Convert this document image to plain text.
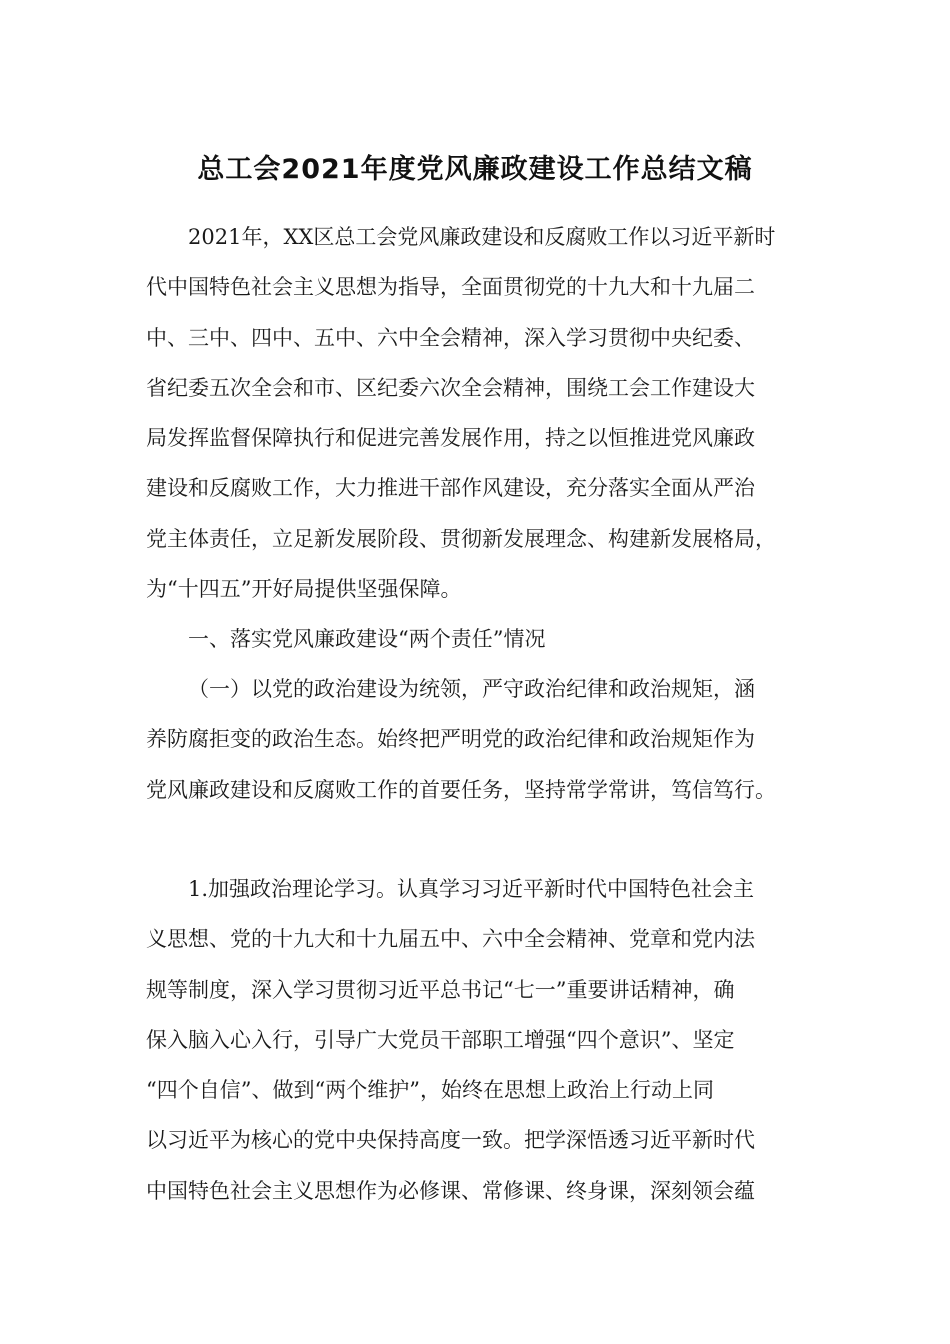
总工会2021年度党风廉政建设工作总结文稿
2021年，XX区总工会党风廉政建设和反腐败工作以习近平新时
代中国特色社会主义思想为指导，全面贯彻党的十九大和十九届二
中、三中、四中、五中、六中全会精神，深入学习贯彻中央纪委、
省纪委五次全会和市、区纪委六次全会精神，围绕工会工作建设大
局发挥监督保障执行和促进完善发展作用，持之以恒推进党风廉政
建设和反腐败工作，大力推进干部作风建设，充分落实全面从严治
党主体责任，立足新发展阶段、贯彻新发展理念、构建新发展格局，
为“十四五”开好局提供坚强保障。
一、落实党风廉政建设“两个责任”情况
（一）以党的政治建设为统领，严守政治纪律和政治规矩，涵
养防腐拒变的政治生态。始终把严明党的政治纪律和政治规矩作为
党风廉政建设和反腐败工作的首要任务，坚持常学常讲，笃信笃行。
1.加强政治理论学习。认真学习习近平新时代中国特色社会主
义思想、党的十九大和十九届五中、六中全会精神、党章和党内法
规等制度，深入学习贯彻习近平总书记“七一”重要讲话精神，确
保入脑入心入行，引导广大党员干部职工增强“四个意识”、坚定
“四个自信”、做到“两个维护”，始终在思想上政治上行动上同
以习近平为核心的党中央保持高度一致。把学深悟透习近平新时代
中国特色社会主义思想作为必修课、常修课、终身课，深刻领会蕴
